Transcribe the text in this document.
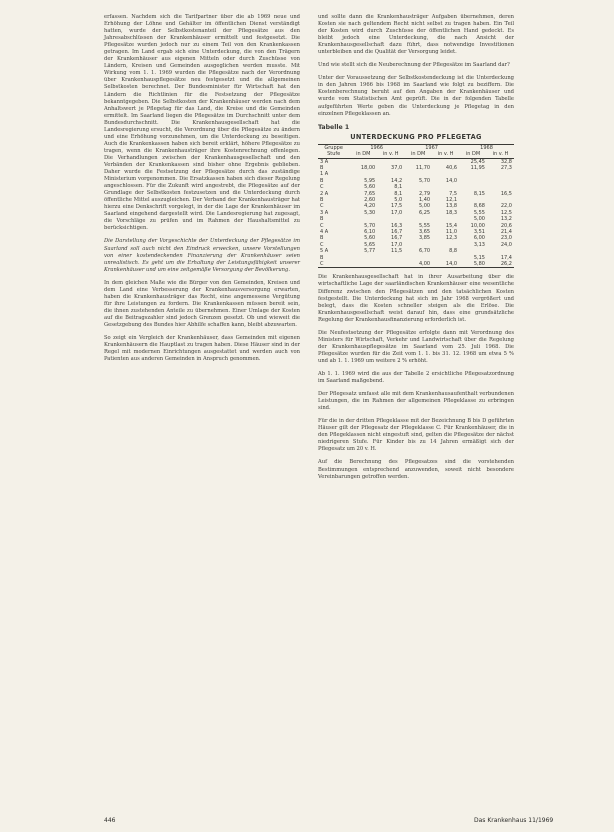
erfassen. Nachdem sich die Tarifpartner über die ab 1969 neue und Erhöhung der Löhne und Gehälter im öffentlichen Dienst verständigt hatten, wurde der Selbstkostenanteil der Pflegesätze aus den Jahresabschlüssen der Krankenhäuser ermittelt und festgesetzt. Die Pflegesätze wurden jedoch nur zu einem Teil von den Krankenkassen getragen. Im Land ergab sich eine Unterdeckung, die von den Trägern der Krankenhäuser aus eigenen Mitteln oder durch Zuschüsse von Ländern, Kreisen und Gemeinden ausgeglichen werden musste. Mit Wirkung vom 1. 1. 1969 wurden die Pflegesätze nach der Verordnung über Krankenhauspflegesätze neu festgesetzt und die allgemeinen Selbstkosten berechnet. Der Bundesminister für Wirtschaft hat den Ländern die Richtlinien für die Festsetzung der Pflegesätze bekanntgegeben. Die Selbstkosten der Krankenhäuser werden nach dem Anhaltswert je Pflegetag für das Land, die Kreise und die Gemeinden ermittelt. Im Saarland liegen die Pflegesätze im Durchschnitt unter dem Bundesdurchschnitt. Die Krankenhausgesellschaft hat die Landesregierung ersucht, die Verordnung über die Pflegesätze zu ändern und eine Erhöhung vorzunehmen, um die Unterdeckung zu beseitigen. Auch die Krankenkassen haben sich bereit erklärt, höhere Pflegesätze zu tragen, wenn die Krankenhausträger ihre Kostenrechnung offenlegen. Die Verhandlungen zwischen der Krankenhausgesellschaft und den Verbänden der Krankenkassen sind bisher ohne Ergebnis geblieben. Daher wurde die Festsetzung der Pflegesätze durch das zuständige Ministerium vorgenommen. Die Ersatzkassen haben sich dieser Regelung angeschlossen. Für die Zukunft wird angestrebt, die Pflegesätze auf der Grundlage der Selbstkosten festzusetzen und die Unterdeckung durch öffentliche Mittel auszugleichen. Der Verband der Krankenhausträger hat hierzu eine Denkschrift vorgelegt, in der die Lage der Krankenhäuser im Saarland eingehend dargestellt wird. Die Landesregierung hat zugesagt, die Vorschläge zu prüfen und im Rahmen der Haushaltsmittel zu berücksichtigen.

Die Darstellung der Vorgeschichte der Unterdeckung der Pflegesätze im Saarland soll auch nicht den Eindruck erwecken, unsere Vorstellungen von einer kostendeckenden Finanzierung der Krankenhäuser seien unrealistisch. Es geht um die Erhaltung der Leistungsfähigkeit unserer Krankenhäuser und um eine zeitgemäße Versorgung der Bevölkerung.

In dem gleichen Maße wie die Bürger von den Gemeinden, Kreisen und dem Land eine Verbesserung der Krankenhausversorgung erwarten, haben die Krankenhausträger das Recht, eine angemessene Vergütung für ihre Leistungen zu fordern. Die Krankenkassen müssen bereit sein, die ihnen zustehenden Anteile zu übernehmen. Einer Umlage der Kosten auf die Beitragszahler sind jedoch Grenzen gesetzt. Ob und wieweit die Gesetzgebung des Bundes hier Abhilfe schaffen kann, bleibt abzuwarten.

So zeigt ein Vergleich der Krankenhäuser, dass Gemeinden mit eigenen Krankenhäusern die Hauptlast zu tragen haben. Diese Häuser sind in der Regel mit modernen Einrichtungen ausgestattet und werden auch von Patienten aus anderen Gemeinden in Anspruch genommen.

und sollte dann die Krankenhausträger Aufgaben übernehmen, deren Kosten sie nach geltendem Recht nicht selbst zu tragen haben. Ein Teil der Kosten wird durch Zuschüsse der öffentlichen Hand gedeckt. Es bleibt jedoch eine Unterdeckung, die nach Ansicht der Krankenhausgesellschaft dazu führt, dass notwendige Investitionen unterbleiben und die Qualität der Versorgung leidet.

Und wie stellt sich die Neuberechnung der Pflegesätze im Saarland dar?

Unter der Voraussetzung der Selbstkostendeckung ist die Unterdeckung in den Jahren 1966 bis 1968 im Saarland wie folgt zu beziffern. Die Kostenberechnung beruht auf den Angaben der Krankenhäuser und wurde vom Statistischen Amt geprüft. Die in der folgenden Tabelle aufgeführten Werte geben die Unterdeckung je Pflegetag in den einzelnen Pflegeklassen an.

Tabelle 1
UNTERDECKUNG PRO PFLEGETAG
Gruppe	1966		1967		1968	
Stufe	in DM	in v. H	in DM	in v. H	in DM	in v. H
3 A					25,45	32,8
B	18,00	37,0	11,70	40,6	11,95	27,3
1 A						
B	5,95	14,2	5,70	14,0		
C	5,60	8,1				
2 A	7,65	8,1	2,79	7,5	8,15	16,5
B	2,60	5,0	1,40	12,1		
C	4,20	17,5	5,00	13,8	8,68	22,0
3 A	5,30	17,0	6,25	18,3	5,55	12,5
B					5,00	13,2
C	5,70	16,3	5,55	15,4	10,00	20,6
4 A	6,10	16,7	3,65	11,0	3,51	21,4
B	5,60	16,7	3,85	12,3	6,00	23,0
C	5,65	17,0			3,13	24,0
5 A	5,77	11,5	6,70	8,8		
B					5,15	17,4
C			4,00	14,0	5,80	26,2

Die Krankenhausgesellschaft hat in ihrer Ausarbeitung über die wirtschaftliche Lage der saarländischen Krankenhäuser eine wesentliche Differenz zwischen den Pflegesätzen und den tatsächlichen Kosten festgestellt. Die Unterdeckung hat sich im Jahr 1968 vergrößert und belegt, dass die Kosten schneller steigen als die Erlöse. Die Krankenhausgesellschaft weist darauf hin, dass eine grundsätzliche Regelung der Krankenhausfinanzierung erforderlich ist.

Die Neufestsetzung der Pflegesätze erfolgte dann mit Verordnung des Ministers für Wirtschaft, Verkehr und Landwirtschaft über die Regelung der Krankenhauspflegesätze im Saarland vom 25. Juli 1968. Die Pflegesätze wurden für die Zeit vom 1. 1. bis 31. 12. 1968 um etwa 5 % und ab 1. 1. 1969 um weitere 2 % erhöht.

Ab 1. 1. 1969 wird die aus der Tabelle 2 ersichtliche Pflegesatzordnung im Saarland maßgebend.

Der Pflegesatz umfasst alle mit dem Krankenhausaufenthalt verbundenen Leistungen, die im Rahmen der allgemeinen Pflegeklasse zu erbringen sind.

Für die in der dritten Pflegeklasse mit der Bezeichnung B bis D geführten Häuser gilt der Pflegesatz der Pflegeklasse C. Für Krankenhäuser, die in den Pflegeklassen nicht eingestuft sind, gelten die Pflegesätze der nächst niedrigeren Stufe. Für Kinder bis zu 14 Jahren ermäßigt sich der Pflegesatz um 20 v. H.

Auf die Berechnung des Pflegesatzes sind die vorstehenden Bestimmungen entsprechend anzuwenden, soweit nicht besondere Vereinbarungen getroffen werden.

446	Das Krankenhaus 11/1969
